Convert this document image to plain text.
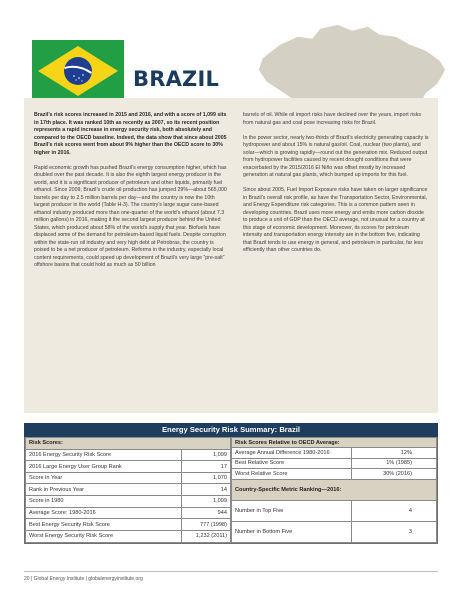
BRAZIL

Brazil’s risk scores increased in 2015 and 2016, and with a score of 1,099 sits in 17th place. It was ranked 10th as recently as 2007, so its recent position represents a rapid increase in energy security risk, both absolutely and compared to the OECD baseline. Indeed, the data show that since about 2005 Brazil’s risk scores went from about 9% higher than the OECD score to 30% higher in 2016.

Rapid economic growth has pushed Brazil’s energy consumption higher, which has doubled over the past decade. It is also the eighth largest energy producer in the world, and it is a significant producer of petroleum and other liquids, primarily fuel ethanol. Since 2009, Brazil’s crude oil production has jumped 29%—about 565,000 barrels per day to 2.5 million barrels per day—and the country is now the 10th largest producer in the world (Table H-3). The country’s large sugar cane-based ethanol industry produced more than one-quarter of the world’s ethanol (about 7.3 million gallons) in 2016, making it the second largest producer behind the United States, which produced about 58% of the world’s supply that year. Biofuels have displaced some of the demand for petroleum-based liquid fuels. Despite corruption within the state-run oil industry and very high debt at Petrobras, the country is poised to be a net producer of petroleum. Reforms in the industry, especially local content requirements, could speed up development of Brazil’s very large “pre-salt” offshore basins that could hold as much as 50 billion

barrels of oil. While oil import risks have declined over the years, import risks from natural gas and coal pose increasing risks for Brazil.

In the power sector, nearly two-thirds of Brazil’s electricity generating capacity is hydropower and about 15% is natural gas/oil. Coal, nuclear (two plants), and solar—which is growing rapidly—round out the generation mix. Reduced output from hydropower facilities caused by recent drought conditions that were exacerbated by the 2015/2016 El Niño was offset mostly by increased generation at natural gas plants, which bumped up imports for this fuel.

Since about 2005, Fuel Import Exposure risks have taken on larger significance in Brazil’s overall risk profile, as have the Transportation Sector, Environmental, and Energy Expenditure risk categories. This is a common pattern seen in developing countries. Brazil uses more energy and emits more carbon dioxide to produce a unit of GDP than the OECD average, not unusual for a country at this stage of economic development. Moreover, its scores for petroleum intensity and transportation energy intensity are in the bottom five, indicating that Brazil tends to use energy in general, and petroleum in particular, far less efficiently than other countries do.

Energy Security Risk Summary: Brazil
Risk Scores:	
2016 Energy Security Risk Score	1,099
2016 Large Energy User Group Rank	17
Score in Year	1,070
Rank in Previous Year	14
Score in 1980	1,099
Average Score: 1980-2016	944
Best Energy Security Risk Score	777 (1998)
Worst Energy Security Risk Score	1,232 (2011)
Risk Scores Relative to OECD Average:	
Average Annual Difference 1980-2016	12%
Best Relative Score	1% (1985)
Worst Relative Score	30% (2016)
Country-Specific Metric Ranking—2016:	
Number in Top Five	4
Number in Bottom Five	3
20 | Global Energy Institute | globalenergyinstitute.org
